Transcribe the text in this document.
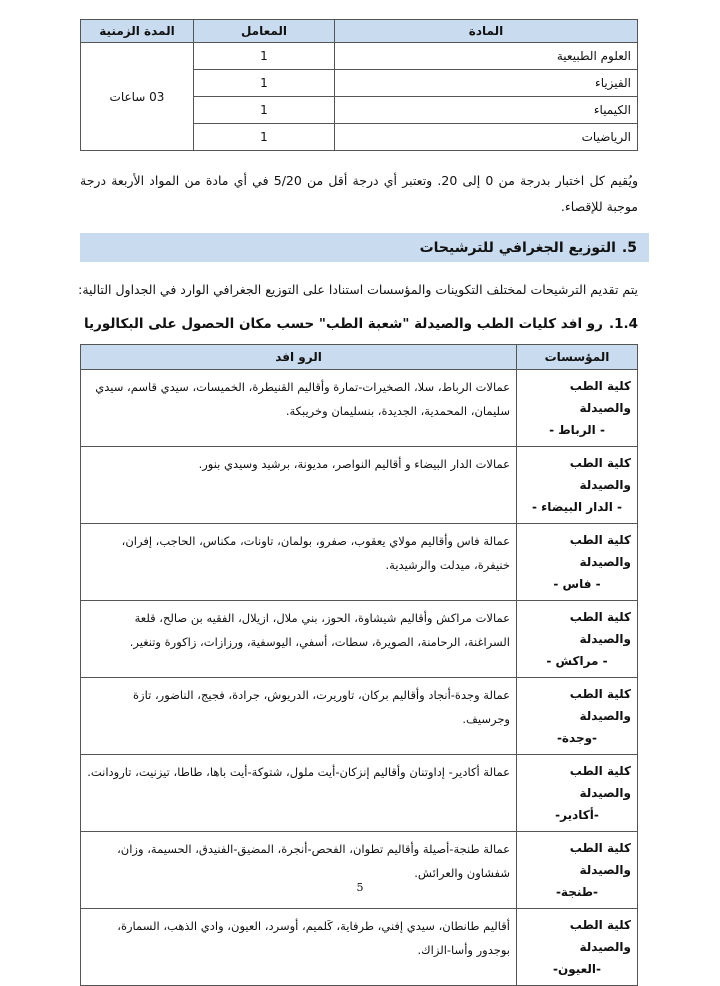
المادة	المعامل	المدة الزمنية
العلوم الطبيعية	1	03 ساعات
الفيزياء	1	
الكيمياء	1	
الرياضيات	1	

ويُقيم كل اختبار بدرجة من 0 إلى 20. وتعتبر أي درجة أقل من 5/20 في أي مادة من المواد الأربعة درجة موجبة للإقصاء.

5.
التوزيع الجغرافي للترشيحات

يتم تقديم الترشيحات لمختلف التكوينات والمؤسسات استنادا على التوزيع الجغرافي الوارد في الجداول التالية:

1.4.
رو افد كليات الطب والصيدلة "شعبة الطب" حسب مكان الحصول على البكالوريا
المؤسسات	الرو افد

كلية الطب والصيدلة
- الرباط -	عمالات الرباط، سلا، الصخيرات-تمارة وأقاليم القنيطرة، الخميسات، سيدي قاسم، سيدي سليمان، المحمدية، الجديدة، بنسليمان وخريبكة.

كلية الطب والصيدلة
- الدار البيضاء -	عمالات الدار البيضاء و أقاليم النواصر، مديونة، برشيد وسيدي بنور.

كلية الطب والصيدلة
- فاس -	عمالة فاس وأقاليم مولاي يعقوب، صفرو، بولمان، تاونات، مكناس، الحاجب، إفران، خنيفرة، ميدلت والرشيدية.

كلية الطب والصيدلة
- مراكش -	عمالات مراكش وأقاليم شيشاوة، الحوز، بني ملال، ازيلال، الفقيه بن صالح، قلعة السراغنة، الرحامنة، الصويرة، سطات، أسفي، اليوسفية، ورزازات، زاكورة وتنغير.

كلية الطب والصيدلة
-وجدة-	عمالة وجدة-أنجاد وأقاليم بركان، تاوريرت، الدريوش، جرادة، فجيج، الناضور، تازة وجرسيف.

كلية الطب والصيدلة
-أكادير-	عمالة أكادير- إداوتنان وأقاليم إنزكان-أيت ملول، شتوكة-أيت باها، طاطا، تيزنيت، تارودانت.

كلية الطب والصيدلة
-طنجة-	عمالة طنجة-أصيلة وأقاليم تطوان، الفحص-أنجرة، المضيق-الفنيدق، الحسيمة، وزان، شفشاون والعرائش.

كلية الطب والصيدلة
-العيون-	أقاليم طانطان، سيدي إفني، طرفاية، كَلميم، أوسرد، العيون، وادي الذهب، السمارة، بوجدور وأسا-الزاك.
5
